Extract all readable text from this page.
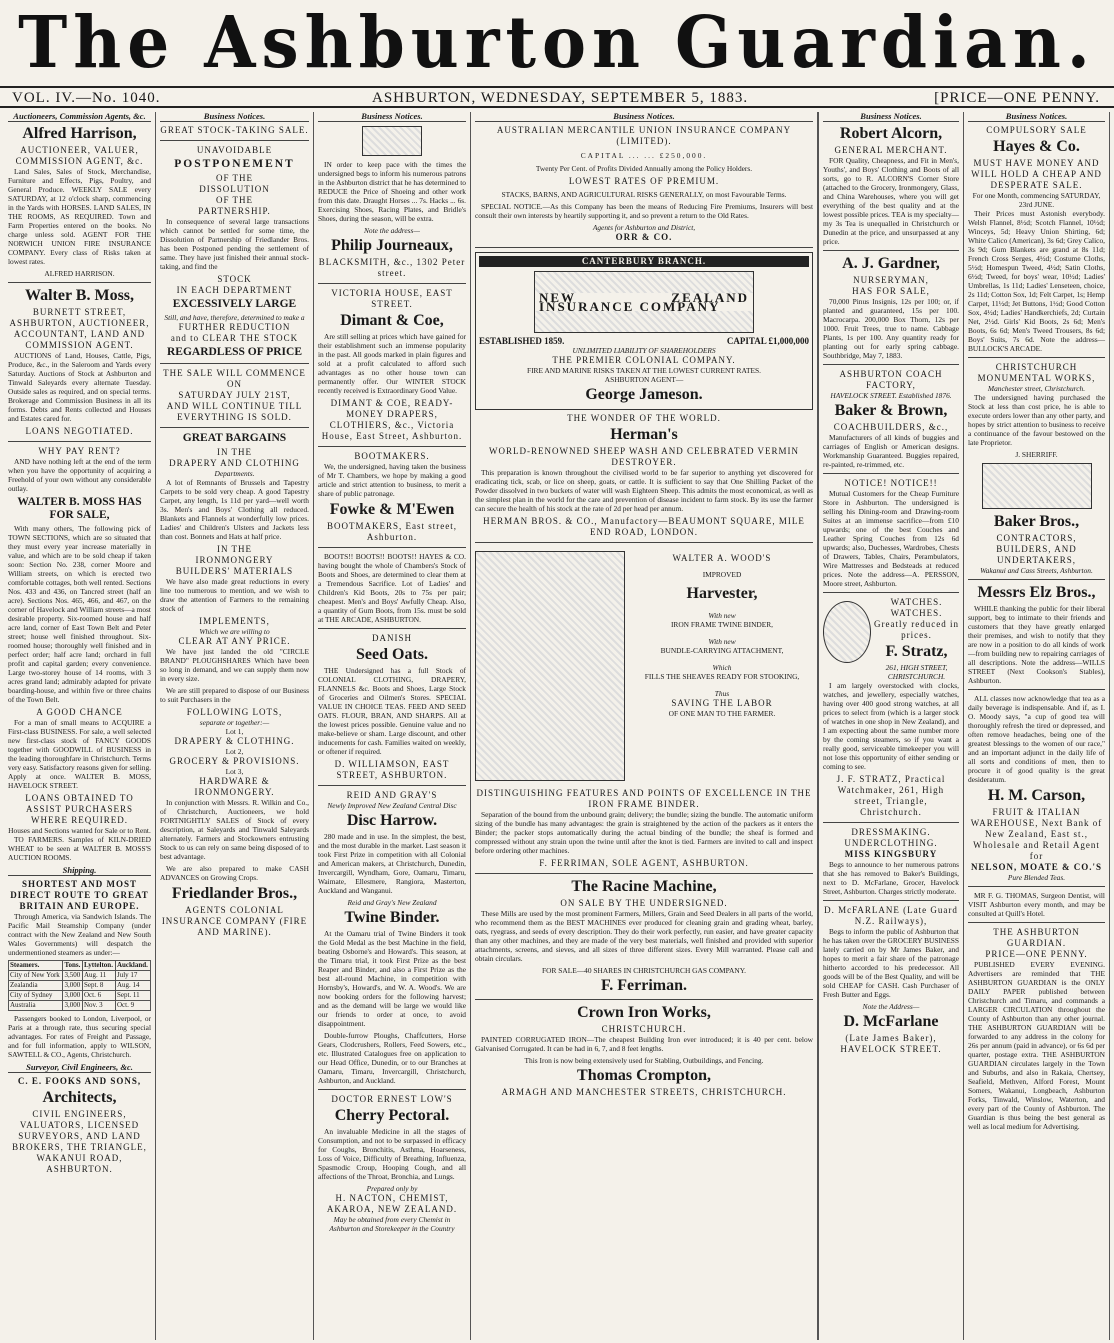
The Ashburton Guardian.
VOL. IV.—No. 1040.	ASHBURTON, WEDNESDAY, SEPTEMBER 5, 1883.	[PRICE—ONE PENNY.
Auctioneers, Commission Agents, &c.
Alfred Harrison,
AUCTIONEER, VALUER, COMMISSION AGENT, &c.
Land Sales, Sales of Stock, Merchandise, Furniture and Effects, Pigs, Poultry, and General Produce. WEEKLY SALE every SATURDAY, at 12 o'clock sharp, commencing in the Yards with HORSES. LAND SALES, IN THE ROOMS, AS REQUIRED. Town and Farm Properties entered on the books. No charge unless sold. AGENT FOR THE NORWICH UNION FIRE INSURANCE COMPANY. Every class of Risks taken at lowest rates.
ALFRED HARRISON.
Walter B. Moss,
BURNETT STREET, ASHBURTON, AUCTIONEER, ACCOUNTANT, LAND AND COMMISSION AGENT.
AUCTIONS of Land, Houses, Cattle, Pigs, Produce, &c., in the Saleroom and Yards every Saturday. Auctions of Stock at Ashburton and Tinwald Saleyards every alternate Tuesday. Outside sales as required, and on special terms. Brokerage and Commission Business in all its forms. Debts and Rents collected and Houses and Estates cared for.
LOANS NEGOTIATED.
WHY PAY RENT?
AND have nothing left at the end of the term when you have the opportunity of acquiring a Freehold of your own without any considerable outlay.
WALTER B. MOSS HAS FOR SALE,
With many others, The following pick of TOWN SECTIONS, which are so situated that they must every year increase materially in value, and which are to be sold cheap if taken soon: Section No. 238, corner Moore and William streets, on which is erected two comfortable cottages, both well rented. Sections Nos. 433 and 436, on Tancred street (half an acre). Sections Nos. 465, 466, and 467, on the corner of Havelock and William streets—a most desirable property. Six-roomed house and half acre land, corner of East Town Belt and Peter street; house well finished throughout. Six-roomed house; thoroughly well finished and in perfect order; half acre land; orchard in full profit and capital garden; every convenience. Large two-storey house of 14 rooms, with 3 acres grand land; admirably adapted for private boarding-house, and within five or three chains of the Town Belt.
A GOOD CHANCE
For a man of small means to ACQUIRE a First-class BUSINESS. For sale, a well selected new first-class stock of FANCY GOODS together with GOODWILL of BUSINESS in the leading thoroughfare in Christchurch. Terms very easy. Satisfactory reasons given for selling. Apply at once. WALTER B. MOSS, HAVELOCK STREET.
LOANS OBTAINED TO ASSIST PURCHASERS WHERE REQUIRED.
Houses and Sections wanted for Sale or to Rent.
TO FARMERS. Samples of KILN-DRIED WHEAT to be seen at WALTER B. MOSS'S AUCTION ROOMS.
Shipping.
SHORTEST AND MOST DIRECT ROUTE TO GREAT BRITAIN AND EUROPE.
Through America, via Sandwich Islands. The Pacific Mail Steamship Company (under contract with the New Zealand and New South Wales Governments) will despatch the undermentioned steamers as under:—
Steamers.	Tons.	Lyttelton.	Auckland.
City of New York	3,500	Aug. 11	July 17
Zealandia	3,000	Sept. 8	Aug. 14
City of Sydney	3,000	Oct. 6	Sept. 11
Australia	3,000	Nov. 3	Oct. 9
Passengers booked to London, Liverpool, or Paris at a through rate, thus securing special advantages. For rates of Freight and Passage, and for full information, apply to WILSON, SAWTELL & CO., Agents, Christchurch.
Surveyor, Civil Engineers, &c.
C. E. FOOKS AND SONS,
Architects,
CIVIL ENGINEERS, VALUATORS, LICENSED SURVEYORS, AND LAND BROKERS, THE TRIANGLE, WAKANUI ROAD, ASHBURTON.
Business Notices.
GREAT STOCK-TAKING SALE.
UNAVOIDABLE
POSTPONEMENT
OF THE
DISSOLUTION
OF THE
PARTNERSHIP.
In consequence of several large transactions which cannot be settled for some time, the Dissolution of Partnership of Friedlander Bros. has been Postponed pending the settlement of same. They have just finished their annual stock-taking, and find the
STOCK
IN EACH DEPARTMENT
EXCESSIVELY LARGE
Still, and have, therefore, determined to make a
FURTHER REDUCTION
and to CLEAR THE STOCK
REGARDLESS OF PRICE
THE SALE WILL COMMENCE ON
SATURDAY JULY 21ST,
AND WILL CONTINUE TILL
EVERYTHING IS SOLD.
GREAT BARGAINS
IN THE
DRAPERY AND CLOTHING
Departments.
A lot of Remnants of Brussels and Tapestry Carpets to be sold very cheap. A good Tapestry Carpet, any length, 1s 11d per yard—well worth 3s. Men's and Boys' Clothing all reduced. Blankets and Flannels at wonderfully low prices. Ladies' and Children's Ulsters and Jackets less than cost. Bonnets and Hats at half price.
IN THE
IRONMONGERY
BUILDERS' MATERIALS
We have also made great reductions in every line too numerous to mention, and we wish to draw the attention of Farmers to the remaining stock of
IMPLEMENTS,
Which we are willing to
CLEAR AT ANY PRICE.
We have just landed the old "CIRCLE BRAND" PLOUGHSHARES Which have been so long in demand, and we can supply them now in every size.
We are still prepared to dispose of our Business to suit Purchasers in the
FOLLOWING LOTS,
separate or together:—
Lot 1,
DRAPERY & CLOTHING.
Lot 2,
GROCERY & PROVISIONS.
Lot 3,
HARDWARE & IRONMONGERY.
In conjunction with Messrs. R. Wilkin and Co., of Christchurch, Auctioneers, we hold FORTNIGHTLY SALES of Stock of every description, at Saleyards and Tinwald Saleyards alternately. Farmers and Stockowners entrusting Stock to us can rely on same being disposed of to best advantage.
We are also prepared to make CASH ADVANCES on Growing Crops.
Friedlander Bros.,
AGENTS COLONIAL INSURANCE COMPANY (FIRE AND MARINE).
Business Notices.
IN order to keep pace with the times the undersigned begs to inform his numerous patrons in the Ashburton district that he has determined to REDUCE the Price of Shoeing and other work from this date. Draught Horses ... 7s. Hacks ... 6s. Exercising Shoes, Racing Plates, and Bridle's Shoes, during the season, will be extra.
Note the address—
Philip Journeaux,
BLACKSMITH, &c., 1302 Peter street.
VICTORIA HOUSE, EAST STREET.
Dimant & Coe,
Are still selling at prices which have gained for their establishment such an immense popularity in the past. All goods marked in plain figures and sold at a profit calculated to afford such advantages as no other house town can permanently offer. Our WINTER STOCK recently received is Extraordinary Good Value.
DIMANT & COE, READY-MONEY DRAPERS, CLOTHIERS, &c., Victoria House, East Street, Ashburton.
BOOTMAKERS.
We, the undersigned, having taken the business of Mr T. Chambers, we hope by making a good article and strict attention to business, to merit a share of public patronage.
Fowke & M'Ewen
BOOTMAKERS, East street, Ashburton.
BOOTS!! BOOTS!! BOOTS!! HAYES & CO. having bought the whole of Chambers's Stock of Boots and Shoes, are determined to clear them at a Tremendous Sacrifice. Lot of Ladies' and Children's Kid Boots, 20s to 75s per pair; cheapest. Men's and Boys' Awfully Cheap. Also, a quantity of Gum Boots, from 15s. must be sold at THE ARCADE, ASHBURTON.
DANISH
Seed Oats.
THE Undersigned has a full Stock of COLONIAL CLOTHING, DRAPERY, FLANNELS &c. Boots and Shoes, Large Stock of Groceries and Oilmen's Stores. SPECIAL VALUE IN CHOICE TEAS. FEED AND SEED OATS. FLOUR, BRAN, AND SHARPS. All at the lowest prices possible. Genuine value and no make-believe or sham. Large discount, and other inducements for cash. Families waited on weekly, or oftener if required.
D. WILLIAMSON, EAST STREET, ASHBURTON.
REID AND GRAY'S
Newly Improved New Zealand Central Disc
Disc Harrow.
280 made and in use. In the simplest, the best, and the most durable in the market. Last season it took First Prize in competition with all Colonial and American makers, at Christchurch, Dunedin, Invercargill, Wyndham, Gore, Oamaru, Timaru, Waimate, Ellesmere, Rangiora, Masterton, Auckland and Wanganui.
Reid and Gray's New Zealand
Twine Binder.
At the Oamaru trial of Twine Binders it took the Gold Medal as the best Machine in the field, beating Osborne's and Howard's. This season, at the Timaru trial, it took First Prize as the best Reaper and Binder, and also a First Prize as the best all-round Machine, in competition with Hornsby's, Howard's, and W. A. Wood's. We are now booking orders for the following harvest; and as the demand will be large we would like our friends to order at once, to avoid disappointment.
Double-furrow Ploughs, Chaffcutters, Horse Gears, Clodcrushers, Rollers, Feed Sowers, etc., etc. Illustrated Catalogues free on application to our Head Office, Dunedin, or to our Branches at Oamaru, Timaru, Invercargill, Christchurch, Ashburton, and Auckland.
DOCTOR ERNEST LOW'S
Cherry Pectoral.
An invaluable Medicine in all the stages of Consumption, and not to be surpassed in efficacy for Coughs, Bronchitis, Asthma, Hoarseness, Loss of Voice, Difficulty of Breathing, Influenza, Spasmodic Croup, Hooping Cough, and all affections of the Throat, Bronchia, and Lungs.
Prepared only by
H. NACTON, CHEMIST, AKAROA, NEW ZEALAND.
May be obtained from every Chemist in Ashburton and Storekeeper in the Country
Business Notices.
AUSTRALIAN MERCANTILE UNION INSURANCE COMPANY (LIMITED).
CAPITAL ... ... £250,000.
Twenty Per Cent. of Profits Divided Annually among the Policy Holders.
LOWEST RATES OF PREMIUM.
STACKS, BARNS, AND AGRICULTURAL RISKS GENERALLY, on most Favourable Terms.
SPECIAL NOTICE.—As this Company has been the means of Reducing Fire Premiums, Insurers will best consult their own interests by heartily supporting it, and so prevent a return to the Old Rates.
Agents for Ashburton and District,
ORR & CO.
CANTERBURY BRANCH.
NEW ZEALAND INSURANCE COMPANY
ESTABLISHED 1859.	CAPITAL £1,000,000
UNLIMITED LIABILITY OF SHAREHOLDERS
THE PREMIER COLONIAL COMPANY.
FIRE AND MARINE RISKS TAKEN AT THE LOWEST CURRENT RATES.
ASHBURTON AGENT—
George Jameson.
THE WONDER OF THE WORLD.
Herman's
WORLD-RENOWNED SHEEP WASH AND CELEBRATED VERMIN DESTROYER.
This preparation is known throughout the civilised world to be far superior to anything yet discovered for eradicating tick, scab, or lice on sheep, goats, or cattle. It is sufficient to say that One Shilling Packet of the Powder dissolved in two buckets of water will wash Eighteen Sheep. This admits the most economical, as well as the simplest plan in the world for the care and prevention of disease incident to farm stock. By its use the farmer can secure the health of his stock at the rate of 2d per head per annum.
HERMAN BROS. & CO., Manufactory—BEAUMONT SQUARE, MILE END ROAD, LONDON.
WALTER A. WOOD'S
IMPROVED
Harvester,
With new
IRON FRAME TWINE BINDER,
With new
BUNDLE-CARRYING ATTACHMENT,
Which
FILLS THE SHEAVES READY FOR STOOKING,
Thus
SAVING THE LABOR
OF ONE MAN TO THE FARMER.
DISTINGUISHING FEATURES AND POINTS OF EXCELLENCE IN THE IRON FRAME BINDER.
Separation of the bound from the unbound grain; delivery; the bundle; sizing the bundle. The automatic uniform sizing of the bundle has many advantages: the grain is straightened by the action of the packers as it enters the Binder; the packer stops automatically during the actual binding of the bundle; the sheaf is formed and compressed without any strain upon the twine until after the knot is tied. Farmers are invited to call and inspect before ordering other machines.
F. FERRIMAN, SOLE AGENT, ASHBURTON.
The Racine Machine,
ON SALE BY THE UNDERSIGNED.
These Mills are used by the most prominent Farmers, Millers, Grain and Seed Dealers in all parts of the world, who recommend them as the BEST MACHINES ever produced for cleaning grain and grading wheat, barley, oats, ryegrass, and seeds of every description. They do their work perfectly, run easier, and have greater capacity than any other machines, and they are made of the very best materials, well finished and provided with superior attachments, screens, and sieves, and all sizes of three different sizes. Every Mill warranted. Please call and obtain circulars.
FOR SALE—40 SHARES IN CHRISTCHURCH GAS COMPANY.
F. Ferriman.
Crown Iron Works,
CHRISTCHURCH.
PAINTED CORRUGATED IRON—The cheapest Building Iron ever introduced; it is 40 per cent. below Galvanised Corrugated. It can be had in 6, 7, and 8 feet lengths.
This Iron is now being extensively used for Stabling, Outbuildings, and Fencing.
Thomas Crompton,
ARMAGH AND MANCHESTER STREETS, CHRISTCHURCH.
Business Notices.
Robert Alcorn,
GENERAL MERCHANT.
FOR Quality, Cheapness, and Fit in Men's, Youths', and Boys' Clothing and Boots of all sorts, go to R. ALCORN'S Corner Store (attached to the Grocery, Ironmongery, Glass, and China Warehouses, where you will get everything of the best quality and at the lowest possible prices. TEA is my specialty—my 3s Tea is unequalled in Christchurch or Dunedin at the price, and unsurpassed at any price.
A. J. Gardner,
NURSERYMAN,
HAS FOR SALE,
70,000 Pinus Insignis, 12s per 100; or, if planted and guaranteed, 15s per 100. Macrocarpa. 200,000 Box Thorn, 12s per 1000. Fruit Trees, true to name. Cabbage Plants, 1s per 100. Any quantity ready for planting out for early spring cabbage. Southbridge, May 7, 1883.
ASHBURTON COACH FACTORY,
HAVELOCK STREET. Established 1876.
Baker & Brown,
COACHBUILDERS, &c.,
Manufacturers of all kinds of buggies and carriages of English or American designs. Workmanship Guaranteed. Buggies repaired, re-painted, re-trimmed, etc.
NOTICE! NOTICE!!
Mutual Customers for the Cheap Furniture Store in Ashburton. The undersigned is selling his Dining-room and Drawing-room Suites at an immense sacrifice—from £10 upwards; one of the best Couches and Leather Spring Couches from 12s 6d upwards; also, Duchesses, Wardrobes, Chests of Drawers, Tables, Chairs, Perambulators, Wire Mattresses and Bedsteads at reduced prices. Note the address—A. PERSSON, Moore street, Ashburton.
WATCHES. WATCHES. Greatly reduced in prices.
F. Stratz,
261, HIGH STREET, CHRISTCHURCH.
I am largely overstocked with clocks, watches, and jewellery, especially watches, having over 400 good strong watches, at all prices to select from (which is a larger stock of watches in one shop in New Zealand), and I am expecting about the same number more by the coming steamers, so if you want a really good, serviceable timekeeper you will not lose this opportunity of either sending or coming to see.
J. F. STRATZ, Practical Watchmaker, 261, High street, Triangle, Christchurch.
DRESSMAKING. UNDERCLOTHING.
MISS KINGSBURY
Begs to announce to her numerous patrons that she has removed to Baker's Buildings, next to D. McFarlane, Grocer, Havelock Street, Ashburton. Charges strictly moderate.
D. McFARLANE (Late Guard N.Z. Railways),
Begs to inform the public of Ashburton that he has taken over the GROCERY BUSINESS lately carried on by Mr James Baker, and hopes to merit a fair share of the patronage hitherto accorded to his predecessor. All goods will be of the Best Quality, and will be sold CHEAP for CASH. Cash Purchaser of Fresh Butter and Eggs.
Note the Address—
D. McFarlane
(Late James Baker), HAVELOCK STREET.
Business Notices.
COMPULSORY SALE
Hayes & Co.
MUST HAVE MONEY AND WILL HOLD A CHEAP AND DESPERATE SALE.
For one Month, commencing SATURDAY, 23rd JUNE.
Their Prices must Astonish everybody. Welsh Flannel, 8½d; Scotch Flannel, 10½d; Winceys, 5d; Heavy Union Shirting, 6d; White Calico (American), 3s 6d; Grey Calico, 3s 9d; Gum Blankets are grand at 8s 11d; French Cross Serges, 4½d; Costume Cloths, 5½d; Homespun Tweed, 4½d; Satin Cloths, 6½d; Tweed, for boys' wear, 10½d; Ladies' Umbrellas, 1s 11d; Ladies' Lenseteen, choice, 2s 11d; Cotton Sox, 1d; Felt Carpet, 1s; Hemp Carpet, 11½d; Jet Buttons, 1½d; Good Cotton Sox, 4½d; Ladies' Handkerchiefs, 2d; Curtain Net, 2½d. Girls' Kid Boots, 2s 6d; Men's Boots, 6s 6d; Men's Tweed Trousers, 8s 6d; Boys' Suits, 7s 6d. Note the address—BULLOCK'S ARCADE.
CHRISTCHURCH MONUMENTAL WORKS,
Manchester street, Christchurch.
The undersigned having purchased the Stock at less than cost price, he is able to execute orders lower than any other party, and hopes by strict attention to business to receive a continuance of the favour bestowed on the late Proprietor.
J. SHERRIFF.
Baker Bros.,
CONTRACTORS, BUILDERS, AND UNDERTAKERS,
Wakanui and Cass Streets, Ashburton.
Messrs Elz Bros.,
WHILE thanking the public for their liberal support, beg to intimate to their friends and customers that they have greatly enlarged their premises, and wish to notify that they are now in a position to do all kinds of work—from building new to repairing carriages of all descriptions. Note the address—WILLS STREET (Next Cookson's Stables), Ashburton.
ALL classes now acknowledge that tea as a daily beverage is indispensable. And if, as I. O. Moody says, "a cup of good tea will thoroughly refresh the tired or depressed, and often remove headaches, being one of the greatest blessings to the women of our race," and an important adjunct in the daily life of all sorts and conditions of men, then to procure it of good quality is the great desideratum.
H. M. Carson,
FRUIT & ITALIAN WAREHOUSE, Next Bank of New Zealand, East st., Wholesale and Retail Agent for
NELSON, MOATE & CO.'S
Pure Blended Teas.
MR F. G. THOMAS, Surgeon Dentist, will VISIT Ashburton every month, and may be consulted at Quill's Hotel.
THE ASHBURTON GUARDIAN.
PRICE—ONE PENNY.
PUBLISHED EVERY EVENING. Advertisers are reminded that THE ASHBURTON GUARDIAN is the ONLY DAILY PAPER published between Christchurch and Timaru, and commands a LARGER CIRCULATION throughout the County of Ashburton than any other journal. THE ASHBURTON GUARDIAN will be forwarded to any address in the colony for 26s per annum (paid in advance), or 6s 6d per quarter, postage extra. THE ASHBURTON GUARDIAN circulates largely in the Town and Suburbs, and also in Rakaia, Chertsey, Seafield, Methven, Alford Forest, Mount Somers, Wakanui, Longbeach, Ashburton Forks, Tinwald, Winslow, Waterton, and every part of the County of Ashburton. The Guardian is thus being the best general as well as local medium for Advertising.
